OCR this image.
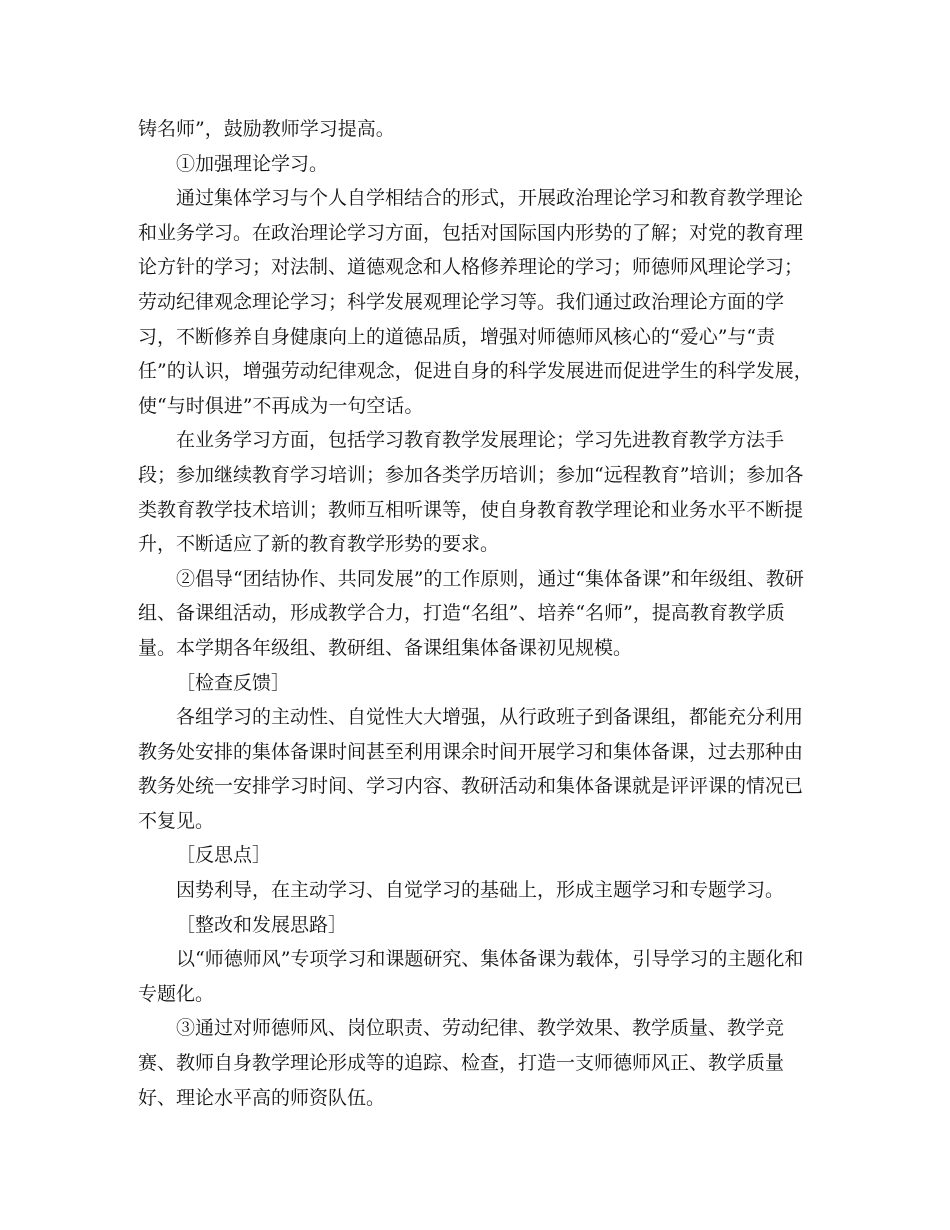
铸名师”，鼓励教师学习提高。

①加强理论学习。

通过集体学习与个人自学相结合的形式，开展政治理论学习和教育教学理论和业务学习。在政治理论学习方面，包括对国际国内形势的了解；对党的教育理论方针的学习；对法制、道德观念和人格修养理论的学习；师德师风理论学习；劳动纪律观念理论学习；科学发展观理论学习等。我们通过政治理论方面的学习，不断修养自身健康向上的道德品质，增强对师德师风核心的“爱心”与“责任”的认识，增强劳动纪律观念，促进自身的科学发展进而促进学生的科学发展，使“与时俱进”不再成为一句空话。

在业务学习方面，包括学习教育教学发展理论；学习先进教育教学方法手段；参加继续教育学习培训；参加各类学历培训；参加“远程教育”培训；参加各类教育教学技术培训；教师互相听课等，使自身教育教学理论和业务水平不断提升，不断适应了新的教育教学形势的要求。

②倡导“团结协作、共同发展”的工作原则，通过“集体备课”和年级组、教研组、备课组活动，形成教学合力，打造“名组”、培养“名师”，提高教育教学质量。本学期各年级组、教研组、备课组集体备课初见规模。

［检查反馈］

各组学习的主动性、自觉性大大增强，从行政班子到备课组，都能充分利用教务处安排的集体备课时间甚至利用课余时间开展学习和集体备课，过去那种由教务处统一安排学习时间、学习内容、教研活动和集体备课就是评评课的情况已不复见。

［反思点］

因势利导，在主动学习、自觉学习的基础上，形成主题学习和专题学习。

［整改和发展思路］

以“师德师风”专项学习和课题研究、集体备课为载体，引导学习的主题化和专题化。

③通过对师德师风、岗位职责、劳动纪律、教学效果、教学质量、教学竞赛、教师自身教学理论形成等的追踪、检查，打造一支师德师风正、教学质量好、理论水平高的师资队伍。
